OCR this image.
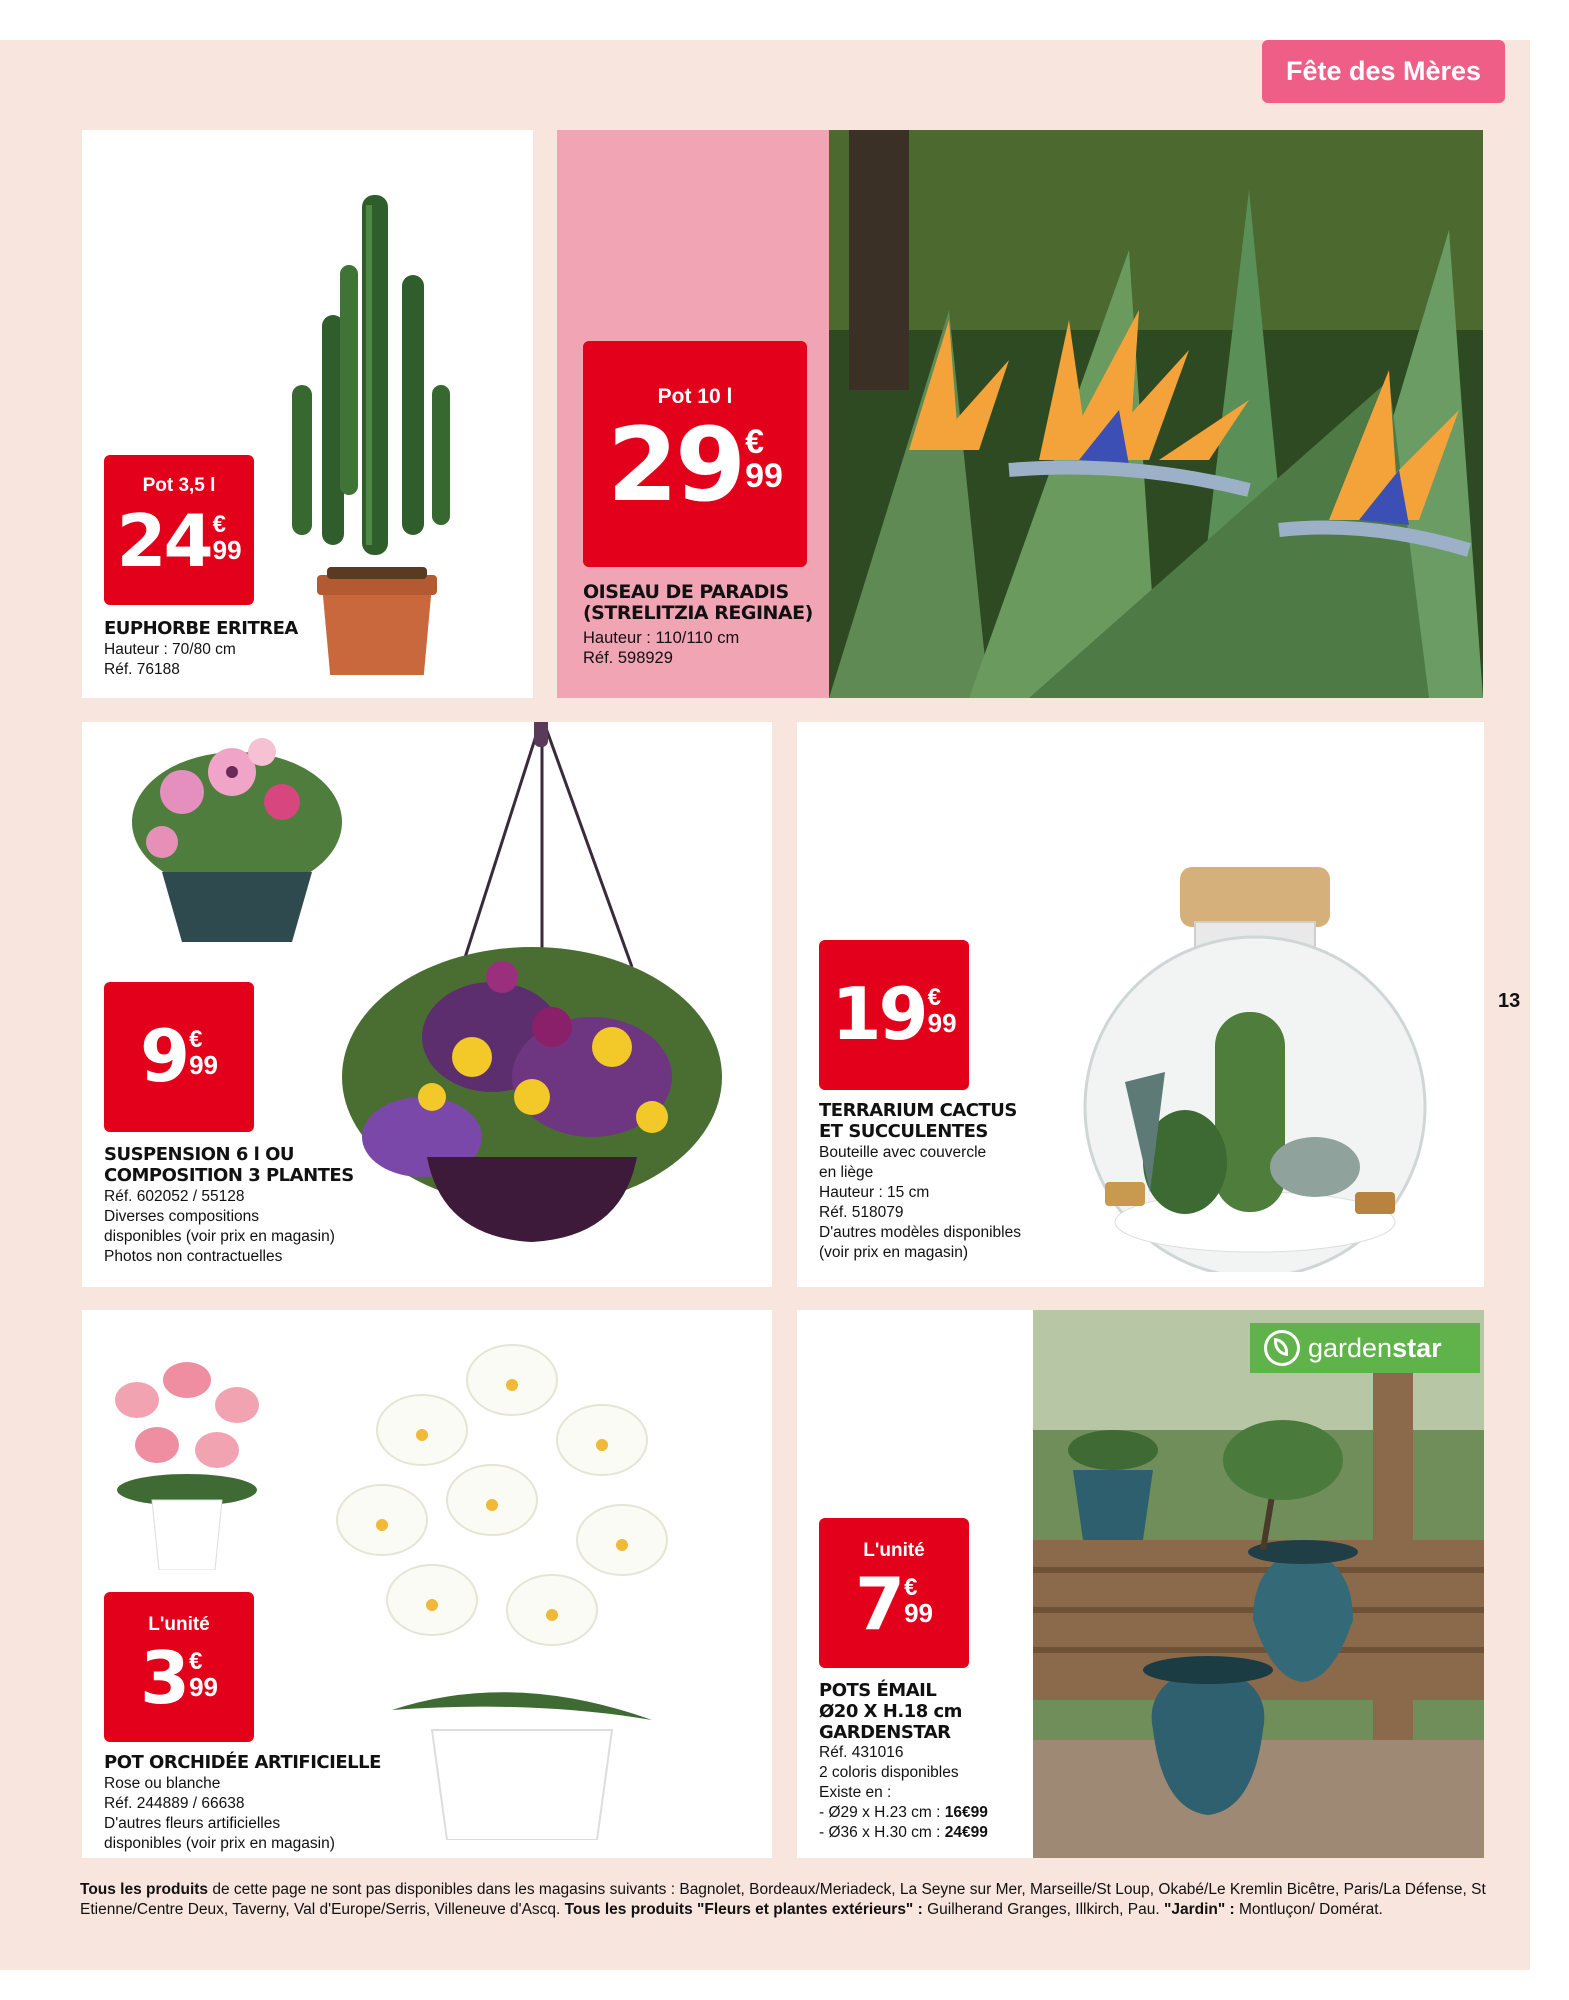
Fête des Mères
13
Pot 3,5 l
24 €
99
EUPHORBE ERITREA
Hauteur : 70/80 cm
Réf. 76188
Pot 10 l
29 €
99
OISEAU DE PARADIS
(STRELITZIA REGINAE)
Hauteur : 110/110 cm
Réf. 598929
9 €
99
SUSPENSION 6 l OU
COMPOSITION 3 PLANTES
Réf. 602052 / 55128
Diverses compositions
disponibles (voir prix en magasin)
Photos non contractuelles
19 €
99
TERRARIUM CACTUS
ET SUCCULENTES
Bouteille avec couvercle
en liège
Hauteur : 15 cm
Réf. 518079
D'autres modèles disponibles
(voir prix en magasin)
L'unité
3 €
99
POT ORCHIDÉE ARTIFICIELLE
Rose ou blanche
Réf. 244889 / 66638
D'autres fleurs artificielles
disponibles (voir prix en magasin)
L'unité
7 €
99
POTS ÉMAIL
Ø20 X H.18 cm
GARDENSTAR
Réf. 431016
2 coloris disponibles
Existe en :
- Ø29 x H.23 cm : 16€99
- Ø36 x H.30 cm : 24€99
garden star
Tous les produits de cette page ne sont pas disponibles dans les magasins suivants : Bagnolet, Bordeaux/Meriadeck, La Seyne sur Mer, Marseille/St Loup, Okabé/Le Kremlin Bicêtre, Paris/La Défense, St Etienne/Centre Deux, Taverny, Val d'Europe/Serris, Villeneuve d'Ascq. Tous les produits "Fleurs et plantes extérieurs" : Guilherand Granges, Illkirch, Pau. "Jardin" : Montluçon/ Domérat.
